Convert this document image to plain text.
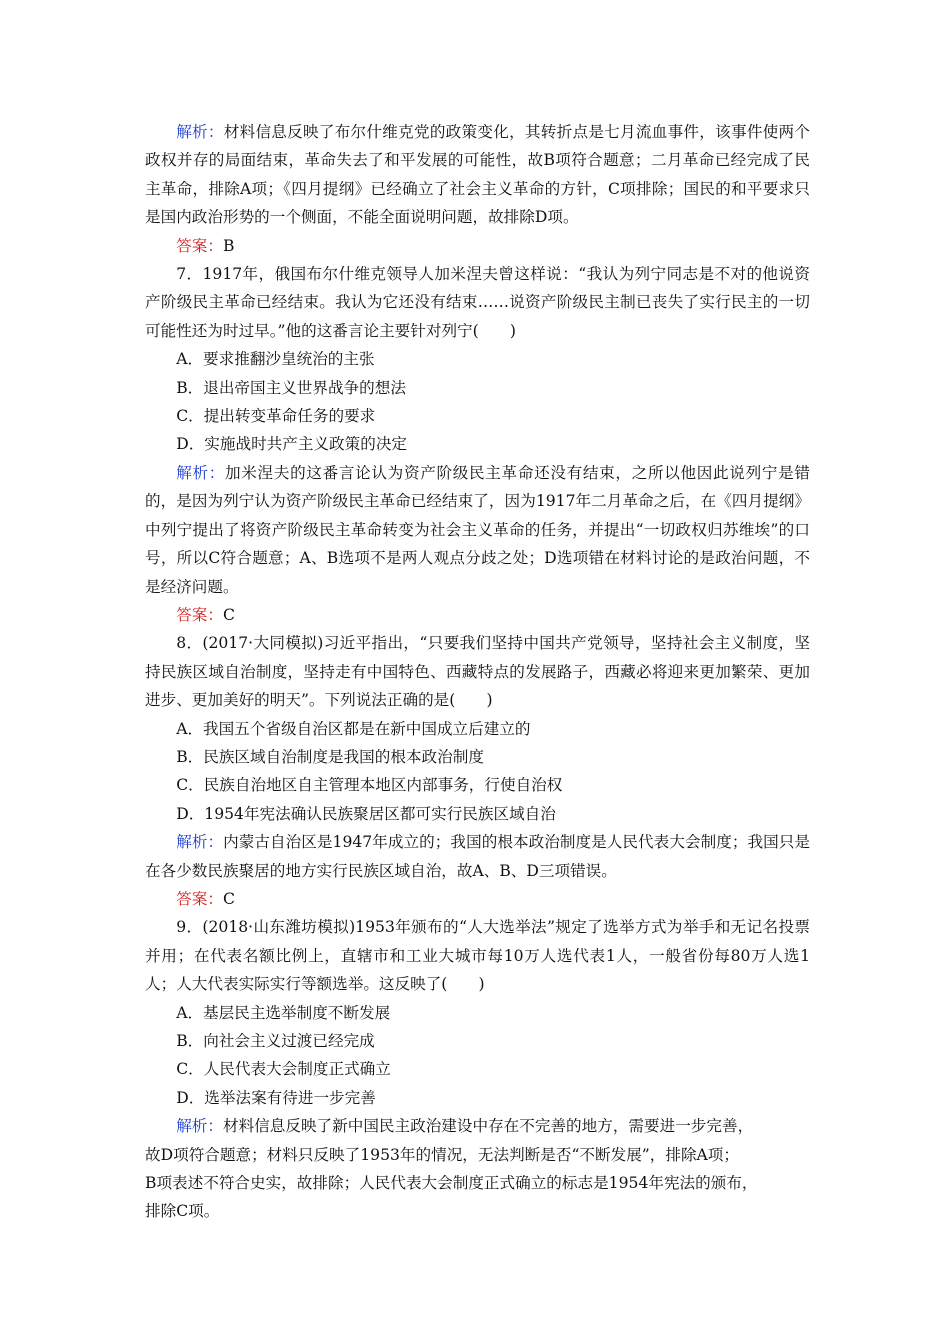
解析：材料信息反映了布尔什维克党的政策变化，其转折点是七月流血事件，该事件使两个政权并存的局面结束，革命失去了和平发展的可能性，故B项符合题意；二月革命已经完成了民主革命，排除A项；《四月提纲》已经确立了社会主义革命的方针，C项排除；国民的和平要求只是国内政治形势的一个侧面，不能全面说明问题，故排除D项。

答案：B

7．1917年，俄国布尔什维克领导人加米涅夫曾这样说：“我认为列宁同志是不对的他说资产阶级民主革命已经结束。我认为它还没有结束……说资产阶级民主制已丧失了实行民主的一切可能性还为时过早。”他的这番言论主要针对列宁(　　)

A．要求推翻沙皇统治的主张

B．退出帝国主义世界战争的想法

C．提出转变革命任务的要求

D．实施战时共产主义政策的决定

解析：加米涅夫的这番言论认为资产阶级民主革命还没有结束，之所以他因此说列宁是错的，是因为列宁认为资产阶级民主革命已经结束了，因为1917年二月革命之后，在《四月提纲》中列宁提出了将资产阶级民主革命转变为社会主义革命的任务，并提出“一切政权归苏维埃”的口号，所以C符合题意；A、B选项不是两人观点分歧之处；D选项错在材料讨论的是政治问题，不是经济问题。

答案：C

8．(2017·大同模拟)习近平指出，“只要我们坚持中国共产党领导，坚持社会主义制度，坚持民族区域自治制度，坚持走有中国特色、西藏特点的发展路子，西藏必将迎来更加繁荣、更加进步、更加美好的明天”。下列说法正确的是(　　)

A．我国五个省级自治区都是在新中国成立后建立的

B．民族区域自治制度是我国的根本政治制度

C．民族自治地区自主管理本地区内部事务，行使自治权

D．1954年宪法确认民族聚居区都可实行民族区域自治

解析：内蒙古自治区是1947年成立的；我国的根本政治制度是人民代表大会制度；我国只是在各少数民族聚居的地方实行民族区域自治，故A、B、D三项错误。

答案：C

9．(2018·山东潍坊模拟)1953年颁布的“人大选举法”规定了选举方式为举手和无记名投票并用；在代表名额比例上，直辖市和工业大城市每10万人选代表1人，一般省份每80万人选1人；人大代表实际实行等额选举。这反映了(　　)

A．基层民主选举制度不断发展

B．向社会主义过渡已经完成

C．人民代表大会制度正式确立

D．选举法案有待进一步完善

解析：材料信息反映了新中国民主政治建设中存在不完善的地方，需要进一步完善，

故D项符合题意；材料只反映了1953年的情况，无法判断是否“不断发展”，排除A项；

B项表述不符合史实，故排除；人民代表大会制度正式确立的标志是1954年宪法的颁布，

排除C项。
